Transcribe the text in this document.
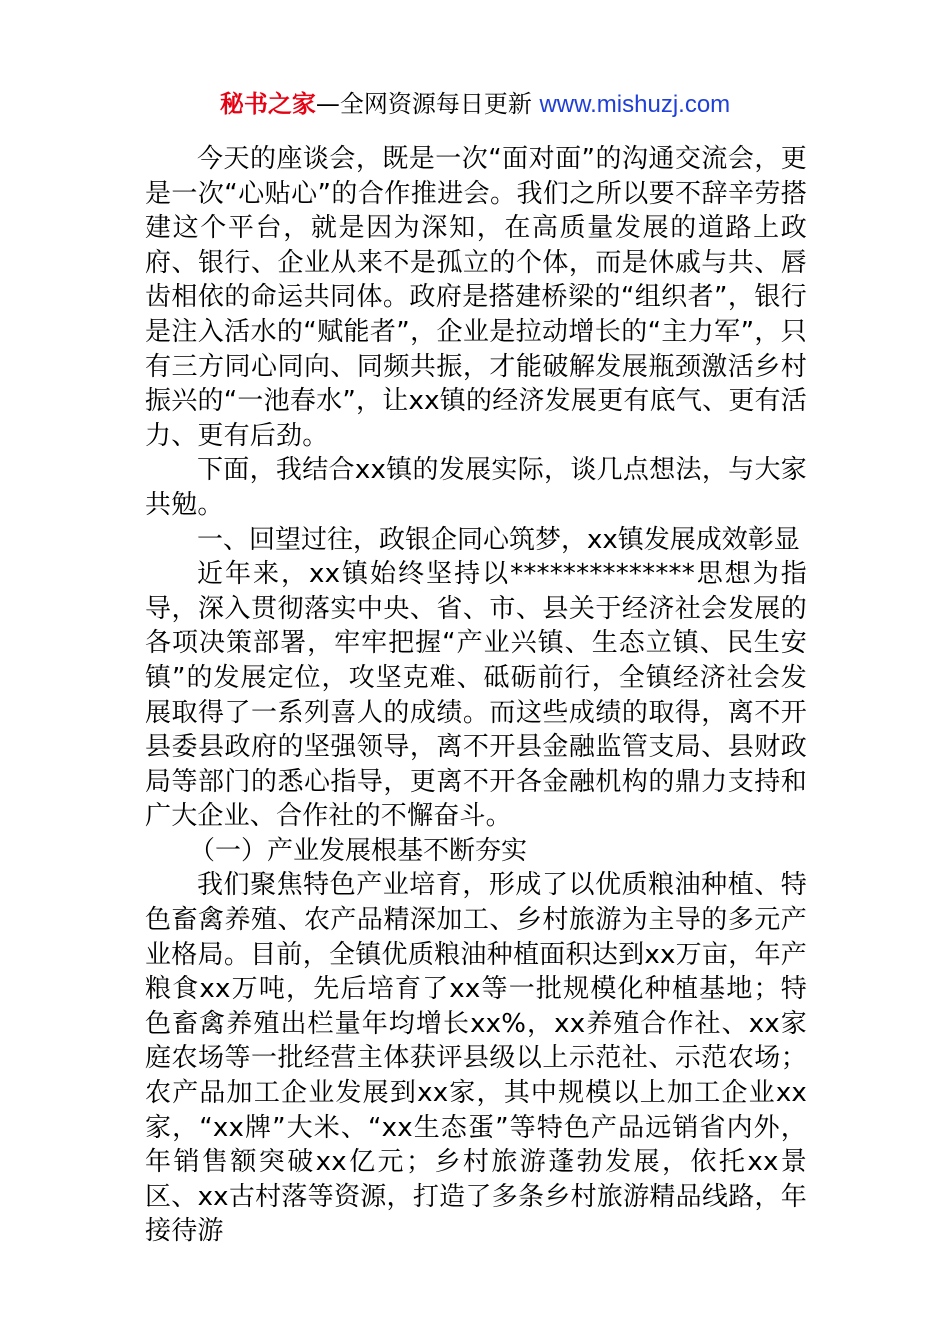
秘书之家—全网资源每日更新 www.mishuzj.com

今天的座谈会，既是一次“面对面”的沟通交流会，更是一次“心贴心”的合作推进会。我们之所以要不辞辛劳搭建这个平台，就是因为深知，在高质量发展的道路上政府、银行、企业从来不是孤立的个体，而是休戚与共、唇齿相依的命运共同体。政府是搭建桥梁的“组织者”，银行是注入活水的“赋能者”，企业是拉动增长的“主力军”，只有三方同心同向、同频共振，才能破解发展瓶颈激活乡村振兴的“一池春水”，让xx镇的经济发展更有底气、更有活力、更有后劲。

下面，我结合xx镇的发展实际，谈几点想法，与大家共勉。

一、回望过往，政银企同心筑梦，xx镇发展成效彰显

近年来，xx镇始终坚持以**************思想为指导，深入贯彻落实中央、省、市、县关于经济社会发展的各项决策部署，牢牢把握“产业兴镇、生态立镇、民生安镇”的发展定位，攻坚克难、砥砺前行，全镇经济社会发展取得了一系列喜人的成绩。而这些成绩的取得，离不开县委县政府的坚强领导，离不开县金融监管支局、县财政局等部门的悉心指导，更离不开各金融机构的鼎力支持和广大企业、合作社的不懈奋斗。

（一）产业发展根基不断夯实

我们聚焦特色产业培育，形成了以优质粮油种植、特色畜禽养殖、农产品精深加工、乡村旅游为主导的多元产业格局。目前，全镇优质粮油种植面积达到xx万亩，年产粮食xx万吨，先后培育了xx等一批规模化种植基地；特色畜禽养殖出栏量年均增长xx%，xx养殖合作社、xx家庭农场等一批经营主体获评县级以上示范社、示范农场；农产品加工企业发展到xx家，其中规模以上加工企业xx家，“xx牌”大米、“xx生态蛋”等特色产品远销省内外，年销售额突破xx亿元；乡村旅游蓬勃发展，依托xx景区、xx古村落等资源，打造了多条乡村旅游精品线路，年接待游
